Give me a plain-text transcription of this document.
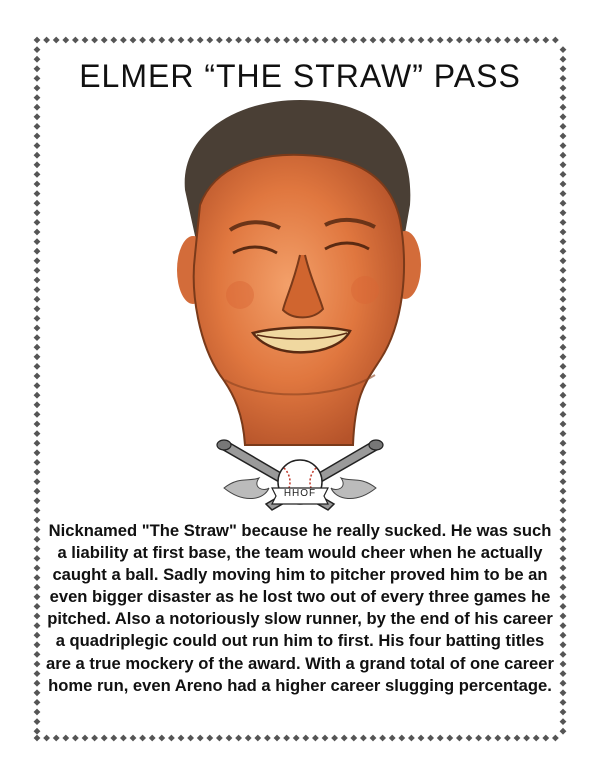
ELMER “THE STRAW” PASS
HHOF

Nicknamed "The Straw" because he really sucked. He was such a liability at first base, the team would cheer when he actually caught a ball. Sadly moving him to pitcher proved him to be an even bigger disaster as he lost two out of every three games he pitched. Also a notoriously slow runner, by the end of his career a quadriplegic could out run him to first. His four batting titles are a true mockery of the award. With a grand total of one career home run, even Areno had a higher career slugging percentage.
